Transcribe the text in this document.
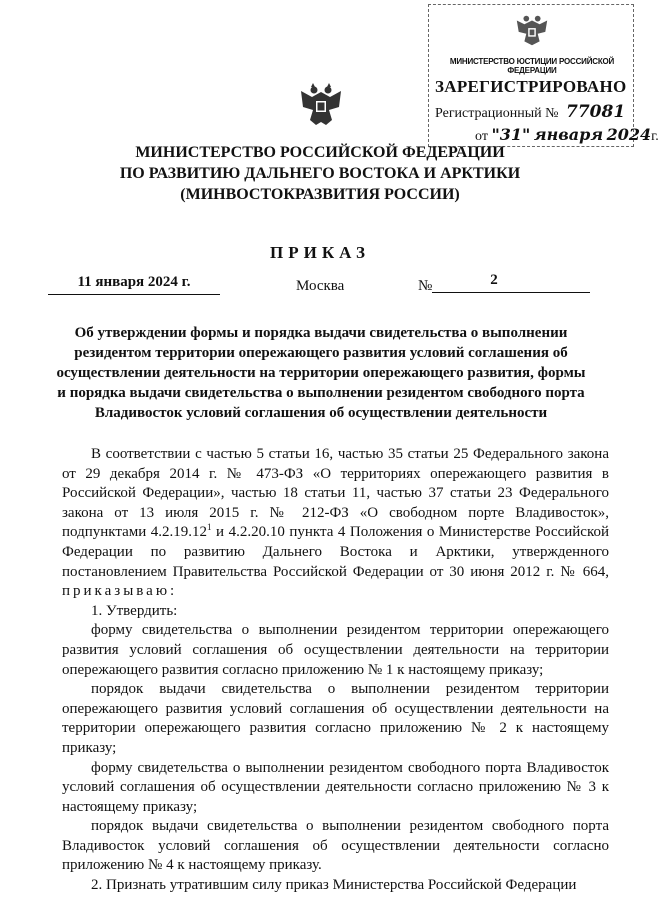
МИНИСТЕРСТВО ЮСТИЦИИ РОССИЙСКОЙ ФЕДЕРАЦИИ
ЗАРЕГИСТРИРОВАНО
Регистрационный № 77081
от "31" января 2024г.
МИНИСТЕРСТВО РОССИЙСКОЙ ФЕДЕРАЦИИ
ПО РАЗВИТИЮ ДАЛЬНЕГО ВОСТОКА И АРКТИКИ
(МИНВОСТОКРАЗВИТИЯ РОССИИ)
ПРИКАЗ
11 января 2024 г.	Москва	№	2
Об утверждении формы и порядка выдачи свидетельства о выполнении резидентом территории опережающего развития условий соглашения об осуществлении деятельности на территории опережающего развития, формы и порядка выдачи свидетельства о выполнении резидентом свободного порта Владивосток условий соглашения об осуществлении деятельности

В соответствии с частью 5 статьи 16, частью 35 статьи 25 Федерального закона от 29 декабря 2014 г. № 473-ФЗ «О территориях опережающего развития в Российской Федерации», частью 18 статьи 11, частью 37 статьи 23 Федерального закона от 13 июля 2015 г. № 212-ФЗ «О свободном порте Владивосток», подпунктами 4.2.19.12$^1$ и 4.2.20.10 пункта 4 Положения о Министерстве Российской Федерации по развитию Дальнего Востока и Арктики, утвержденного постановлением Правительства Российской Федерации от 30 июня 2012 г. № 664, приказываю:

1. Утвердить:

форму свидетельства о выполнении резидентом территории опережающего развития условий соглашения об осуществлении деятельности на территории опережающего развития согласно приложению № 1 к настоящему приказу;

порядок выдачи свидетельства о выполнении резидентом территории опережающего развития условий соглашения об осуществлении деятельности на территории опережающего развития согласно приложению № 2 к настоящему приказу;

форму свидетельства о выполнении резидентом свободного порта Владивосток условий соглашения об осуществлении деятельности согласно приложению № 3 к настоящему приказу;

порядок выдачи свидетельства о выполнении резидентом свободного порта Владивосток условий соглашения об осуществлении деятельности согласно приложению № 4 к настоящему приказу.

2. Признать утратившим силу приказ Министерства Российской Федерации
